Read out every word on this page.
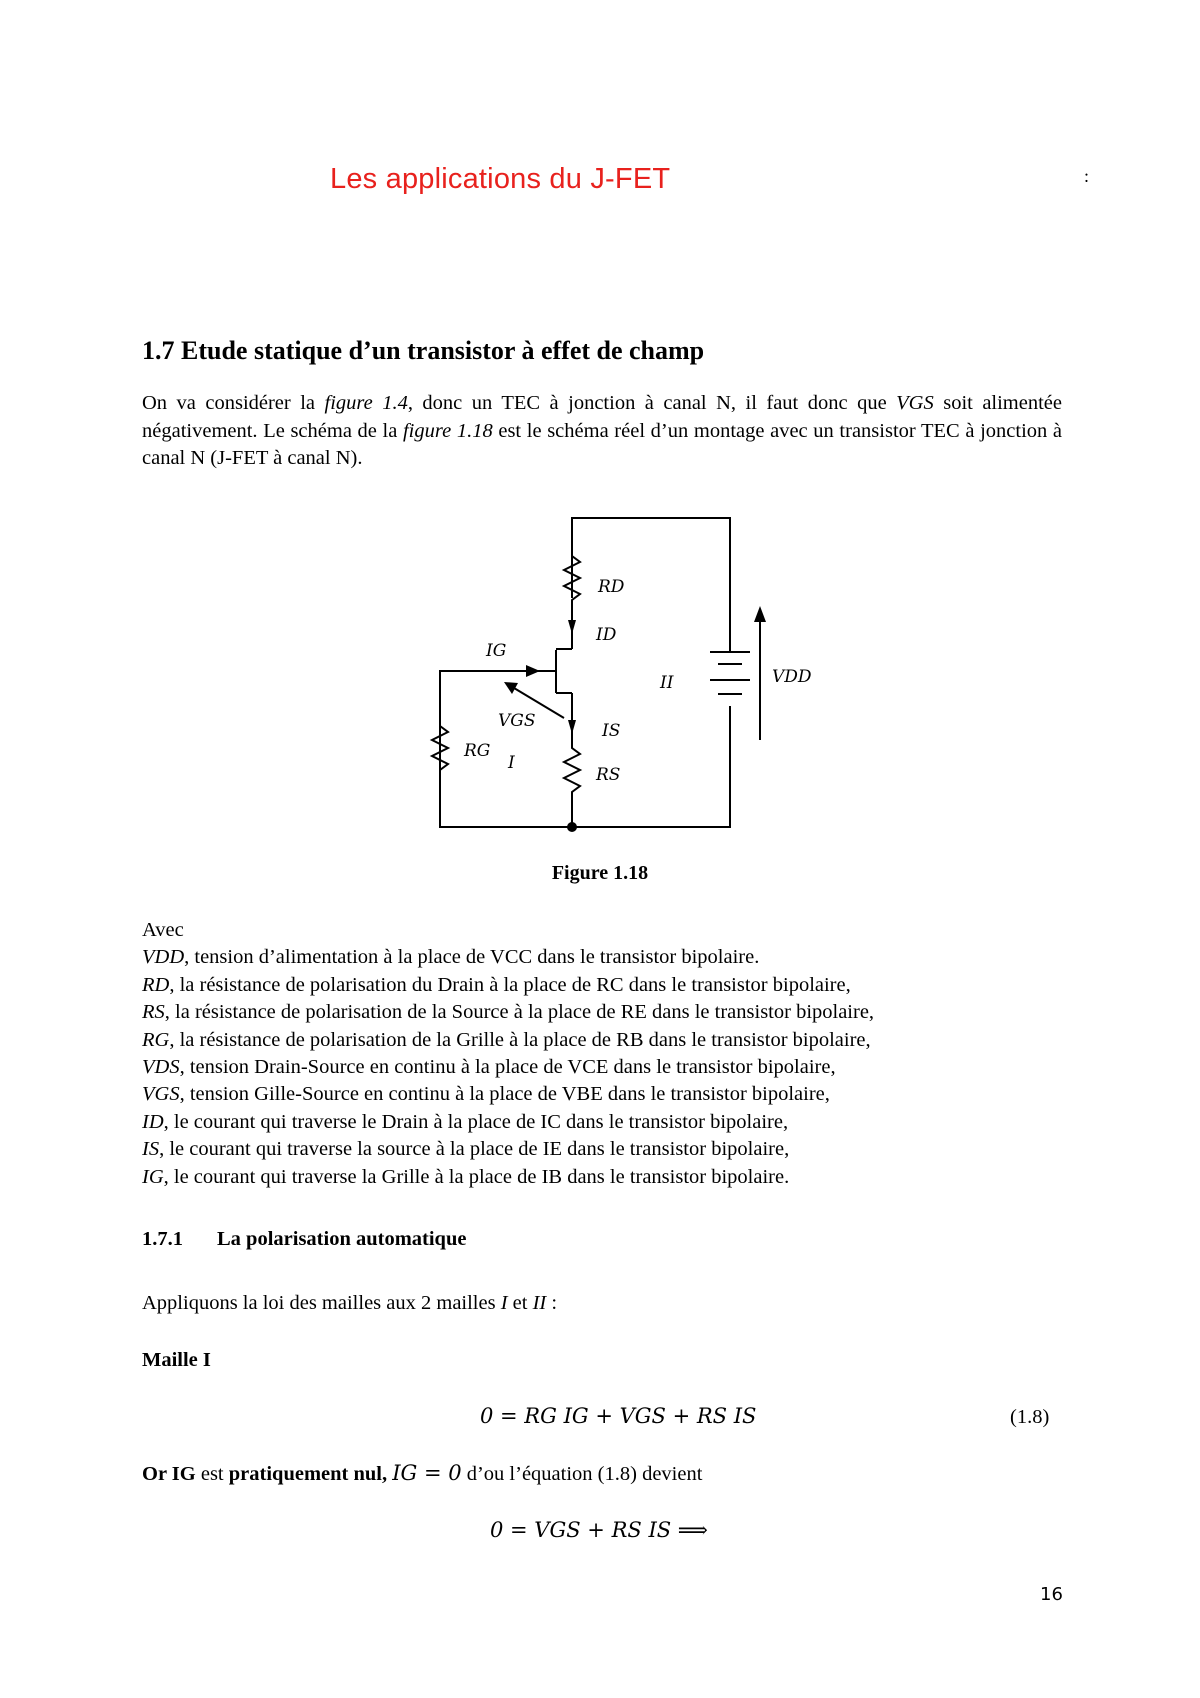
Les applications du J-FET	:
1.7 Etude statique d’un transistor à effet de champ

On va considérer la figure 1.4, donc un TEC à jonction à canal N, il faut donc que VGS soit alimentée négativement. Le schéma de la figure 1.18 est le schéma réel d’un montage avec un transistor TEC à jonction à canal N (J-FET à canal N).

RD
ID
IG
II	VDD
VGS	IS
RG
I
RS
Figure 1.18
Avec
VDD, tension d’alimentation à la place de VCC dans le transistor bipolaire.
RD, la résistance de polarisation du Drain à la place de RC dans le transistor bipolaire,
RS, la résistance de polarisation de la Source à la place de RE dans le transistor bipolaire,
RG, la résistance de polarisation de la Grille à la place de RB dans le transistor bipolaire,
VDS, tension Drain-Source en continu à la place de VCE dans le transistor bipolaire,
VGS, tension Gille-Source en continu à la place de VBE dans le transistor bipolaire,
ID, le courant qui traverse le Drain à la place de IC dans le transistor bipolaire,
IS, le courant qui traverse la source à la place de IE dans le transistor bipolaire,
IG, le courant qui traverse la Grille à la place de IB dans le transistor bipolaire.
1.7.1 La polarisation automatique
Appliquons la loi des mailles aux 2 mailles I et II :
Maille I
0 = RG IG + VGS + RS IS	(1.8)
Or IG est pratiquement nul, IG = 0 d’ou l’équation (1.8) devient
0 = VGS + RS IS ⟹
16
